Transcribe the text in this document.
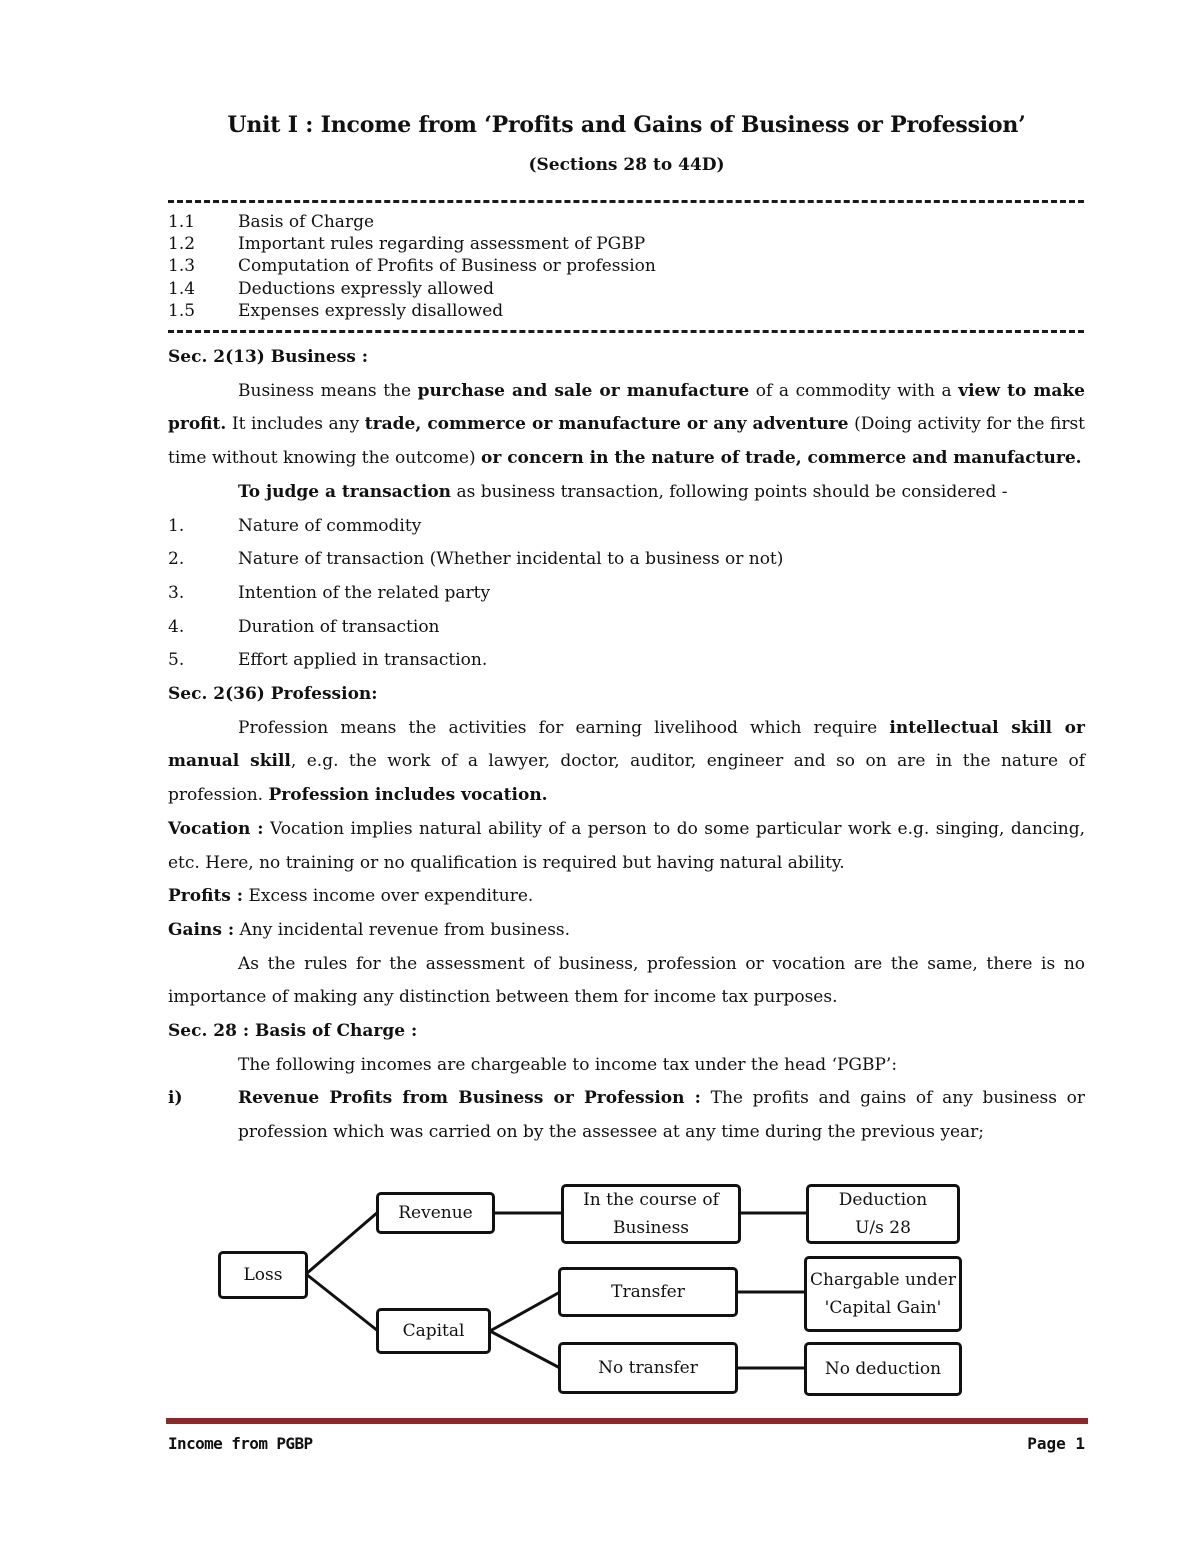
Unit I : Income from ‘Profits and Gains of Business or Profession’
(Sections 28 to 44D)
1.1	Basis of Charge
1.2	Important rules regarding assessment of PGBP
1.3	Computation of Profits of Business or profession
1.4	Deductions expressly allowed
1.5	Expenses expressly disallowed

Sec. 2(13) Business :

Business means the purchase and sale or manufacture of a commodity with a view to make profit. It includes any trade, commerce or manufacture or any adventure (Doing activity for the first time without knowing the outcome) or concern in the nature of trade, commerce and manufacture.

To judge a transaction as business transaction, following points should be considered -

1.	Nature of commodity
2.	Nature of transaction (Whether incidental to a business or not)
3.	Intention of the related party
4.	Duration of transaction
5.	Effort applied in transaction.

Sec. 2(36) Profession:

Profession means the activities for earning livelihood which require intellectual skill or manual skill, e.g. the work of a lawyer, doctor, auditor, engineer and so on are in the nature of profession. Profession includes vocation.

Vocation : Vocation implies natural ability of a person to do some particular work e.g. singing, dancing, etc. Here, no training or no qualification is required but having natural ability.

Profits : Excess income over expenditure.

Gains : Any incidental revenue from business.

As the rules for the assessment of business, profession or vocation are the same, there is no importance of making any distinction between them for income tax purposes.

Sec. 28 : Basis of Charge :

The following incomes are chargeable to income tax under the head ‘PGBP’:

i)	Revenue Profits from Business or Profession : The profits and gains of any business or profession which was carried on by the assessee at any time during the previous year;
Loss
Revenue
Capital
In the course of
Business
Deduction
U/s 28
Transfer
No transfer
Chargable under
'Capital Gain'
No deduction
Income from PGBP	Page 1
